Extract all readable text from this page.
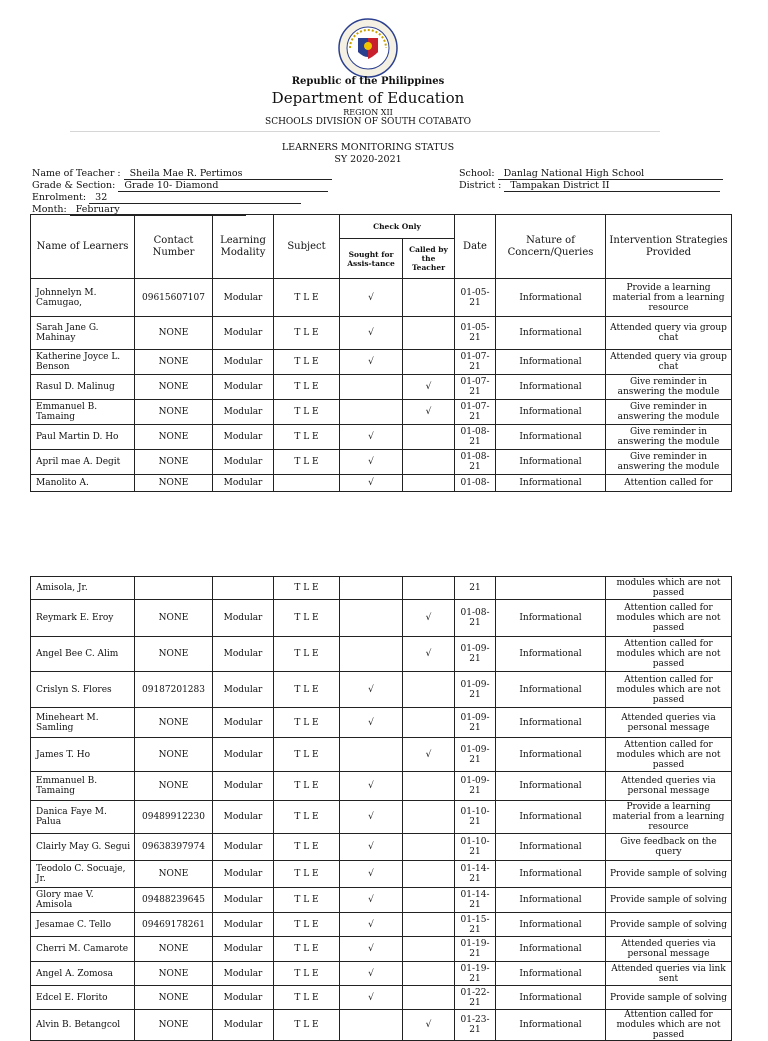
Republic of the Philippines
Department of Education
REGION XII
SCHOOLS DIVISION OF SOUTH COTABATO
LEARNERS MONITORING STATUS
SY 2020-2021
Name of Teacher : Sheila Mae R. Pertimos
Grade & Section: Grade 10- Diamond
Enrolment: 32
Month: February
School: Danlag National High School
District : Tampakan District II
Name of Learners	Contact Number	Learning Modality	Subject	Check Only		Date	Nature of Concern/Queries	Intervention Strategies Provided
				Sought for Assis-tance	Called by the Teacher			
Johnnelyn M. Camugao,	09615607107	Modular	T L E	√		01-05-21	Informational	Provide a learning material from a learning resource
Sarah Jane G. Mahinay	NONE	Modular	T L E	√		01-05-21	Informational	Attended query via group chat
Katherine Joyce L. Benson	NONE	Modular	T L E	√		01-07-21	Informational	Attended query via group chat
Rasul D. Malinug	NONE	Modular	T L E		√	01-07-21	Informational	Give reminder in answering the module
Emmanuel B. Tamaing	NONE	Modular	T L E		√	01-07-21	Informational	Give reminder in answering the module
Paul Martin D. Ho	NONE	Modular	T L E	√		01-08-21	Informational	Give reminder in answering the module
April mae A. Degit	NONE	Modular	T L E	√		01-08-21	Informational	Give reminder in answering the module
Manolito A.	NONE	Modular		√		01-08-	Informational	Attention called for
Amisola, Jr.			T L E			21		modules which are not passed
Reymark E. Eroy	NONE	Modular	T L E		√	01-08-21	Informational	Attention called for modules which are not passed
Angel Bee C. Alim	NONE	Modular	T L E		√	01-09-21	Informational	Attention called for modules which are not passed
Crislyn S. Flores	09187201283	Modular	T L E	√		01-09-21	Informational	Attention called for modules which are not passed
Mineheart M. Samling	NONE	Modular	T L E	√		01-09-21	Informational	Attended queries via personal message
James T. Ho	NONE	Modular	T L E		√	01-09-21	Informational	Attention called for modules which are not passed
Emmanuel B. Tamaing	NONE	Modular	T L E	√		01-09-21	Informational	Attended queries via personal message
Danica Faye M. Palua	09489912230	Modular	T L E	√		01-10-21	Informational	Provide a learning material from a learning resource
Clairly May G. Segui	09638397974	Modular	T L E	√		01-10-21	Informational	Give feedback on the query
Teodolo C. Socuaje, Jr.	NONE	Modular	T L E	√		01-14-21	Informational	Provide sample of solving
Glory mae V. Amisola	09488239645	Modular	T L E	√		01-14-21	Informational	Provide sample of solving
Jesamae C. Tello	09469178261	Modular	T L E	√		01-15-21	Informational	Provide sample of solving
Cherri M. Camarote	NONE	Modular	T L E	√		01-19-21	Informational	Attended queries via personal message
Angel A. Zomosa	NONE	Modular	T L E	√		01-19-21	Informational	Attended queries via link sent
Edcel E. Florito	NONE	Modular	T L E	√		01-22-21	Informational	Provide sample of solving
Alvin B. Betangcol	NONE	Modular	T L E		√	01-23-21	Informational	Attention called for modules which are not passed
